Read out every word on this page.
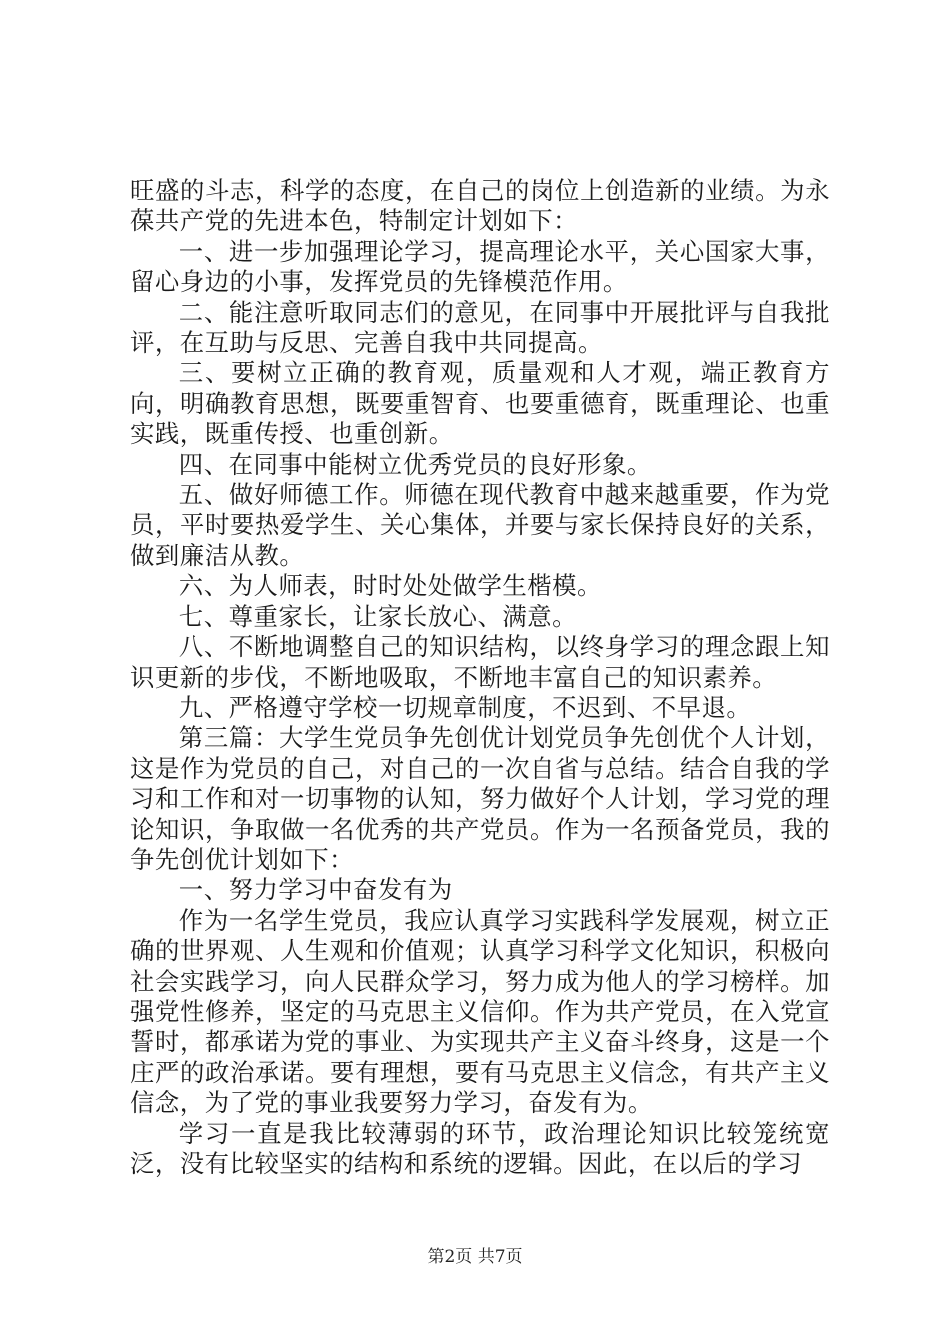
旺盛的斗志，科学的态度，在自己的岗位上创造新的业绩。为永葆共产党的先进本色，特制定计划如下：

一、进一步加强理论学习，提高理论水平，关心国家大事，留心身边的小事，发挥党员的先锋模范作用。

二、能注意听取同志们的意见，在同事中开展批评与自我批评，在互助与反思、完善自我中共同提高。

三、要树立正确的教育观，质量观和人才观，端正教育方向，明确教育思想，既要重智育、也要重德育，既重理论、也重实践，既重传授、也重创新。

四、在同事中能树立优秀党员的良好形象。

五、做好师德工作。师德在现代教育中越来越重要，作为党员，平时要热爱学生、关心集体，并要与家长保持良好的关系，做到廉洁从教。

六、为人师表，时时处处做学生楷模。

七、尊重家长，让家长放心、满意。

八、不断地调整自己的知识结构，以终身学习的理念跟上知识更新的步伐，不断地吸取，不断地丰富自己的知识素养。

九、严格遵守学校一切规章制度，不迟到、不早退。

第三篇：大学生党员争先创优计划党员争先创优个人计划，这是作为党员的自己，对自己的一次自省与总结。结合自我的学习和工作和对一切事物的认知，努力做好个人计划，学习党的理论知识，争取做一名优秀的共产党员。作为一名预备党员，我的争先创优计划如下：

一、努力学习中奋发有为

作为一名学生党员，我应认真学习实践科学发展观，树立正确的世界观、人生观和价值观；认真学习科学文化知识，积极向社会实践学习，向人民群众学习，努力成为他人的学习榜样。加强党性修养，坚定的马克思主义信仰。作为共产党员，在入党宣誓时，都承诺为党的事业、为实现共产主义奋斗终身，这是一个庄严的政治承诺。要有理想，要有马克思主义信念，有共产主义信念，为了党的事业我要努力学习，奋发有为。

学习一直是我比较薄弱的环节，政治理论知识比较笼统宽泛，没有比较坚实的结构和系统的逻辑。因此，在以后的学习

第2页 共7页
